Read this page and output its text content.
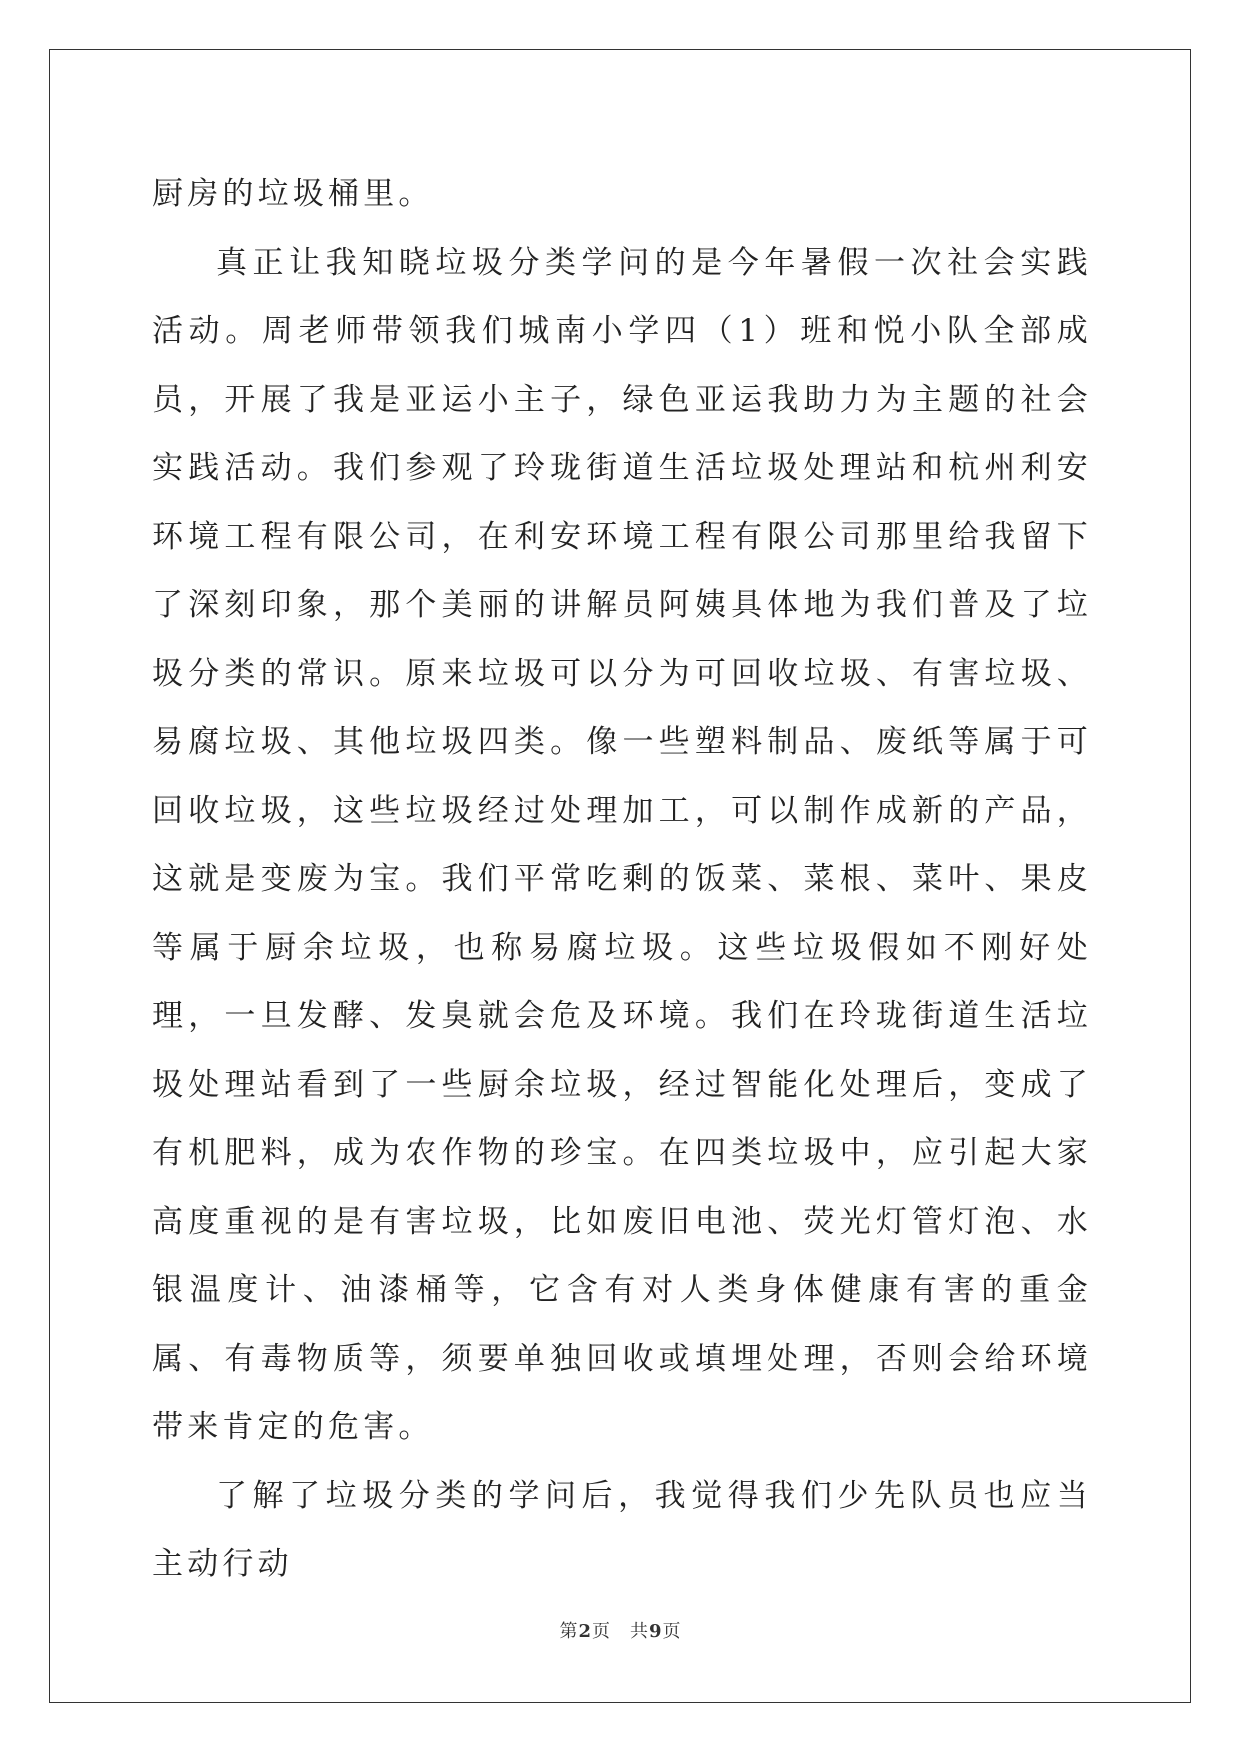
厨房的垃圾桶里。

真正让我知晓垃圾分类学问的是今年暑假一次社会实践活动。周老师带领我们城南小学四（1）班和悦小队全部成员，开展了我是亚运小主子，绿色亚运我助力为主题的社会实践活动。我们参观了玲珑街道生活垃圾处理站和杭州利安环境工程有限公司，在利安环境工程有限公司那里给我留下了深刻印象，那个美丽的讲解员阿姨具体地为我们普及了垃圾分类的常识。原来垃圾可以分为可回收垃圾、有害垃圾、易腐垃圾、其他垃圾四类。像一些塑料制品、废纸等属于可回收垃圾，这些垃圾经过处理加工，可以制作成新的产品，这就是变废为宝。我们平常吃剩的饭菜、菜根、菜叶、果皮等属于厨余垃圾，也称易腐垃圾。这些垃圾假如不刚好处理，一旦发酵、发臭就会危及环境。我们在玲珑街道生活垃圾处理站看到了一些厨余垃圾，经过智能化处理后，变成了有机肥料，成为农作物的珍宝。在四类垃圾中，应引起大家高度重视的是有害垃圾，比如废旧电池、荧光灯管灯泡、水银温度计、油漆桶等，它含有对人类身体健康有害的重金属、有毒物质等，须要单独回收或填埋处理，否则会给环境带来肯定的危害。

了解了垃圾分类的学问后，我觉得我们少先队员也应当主动行动

第2页　共9页
